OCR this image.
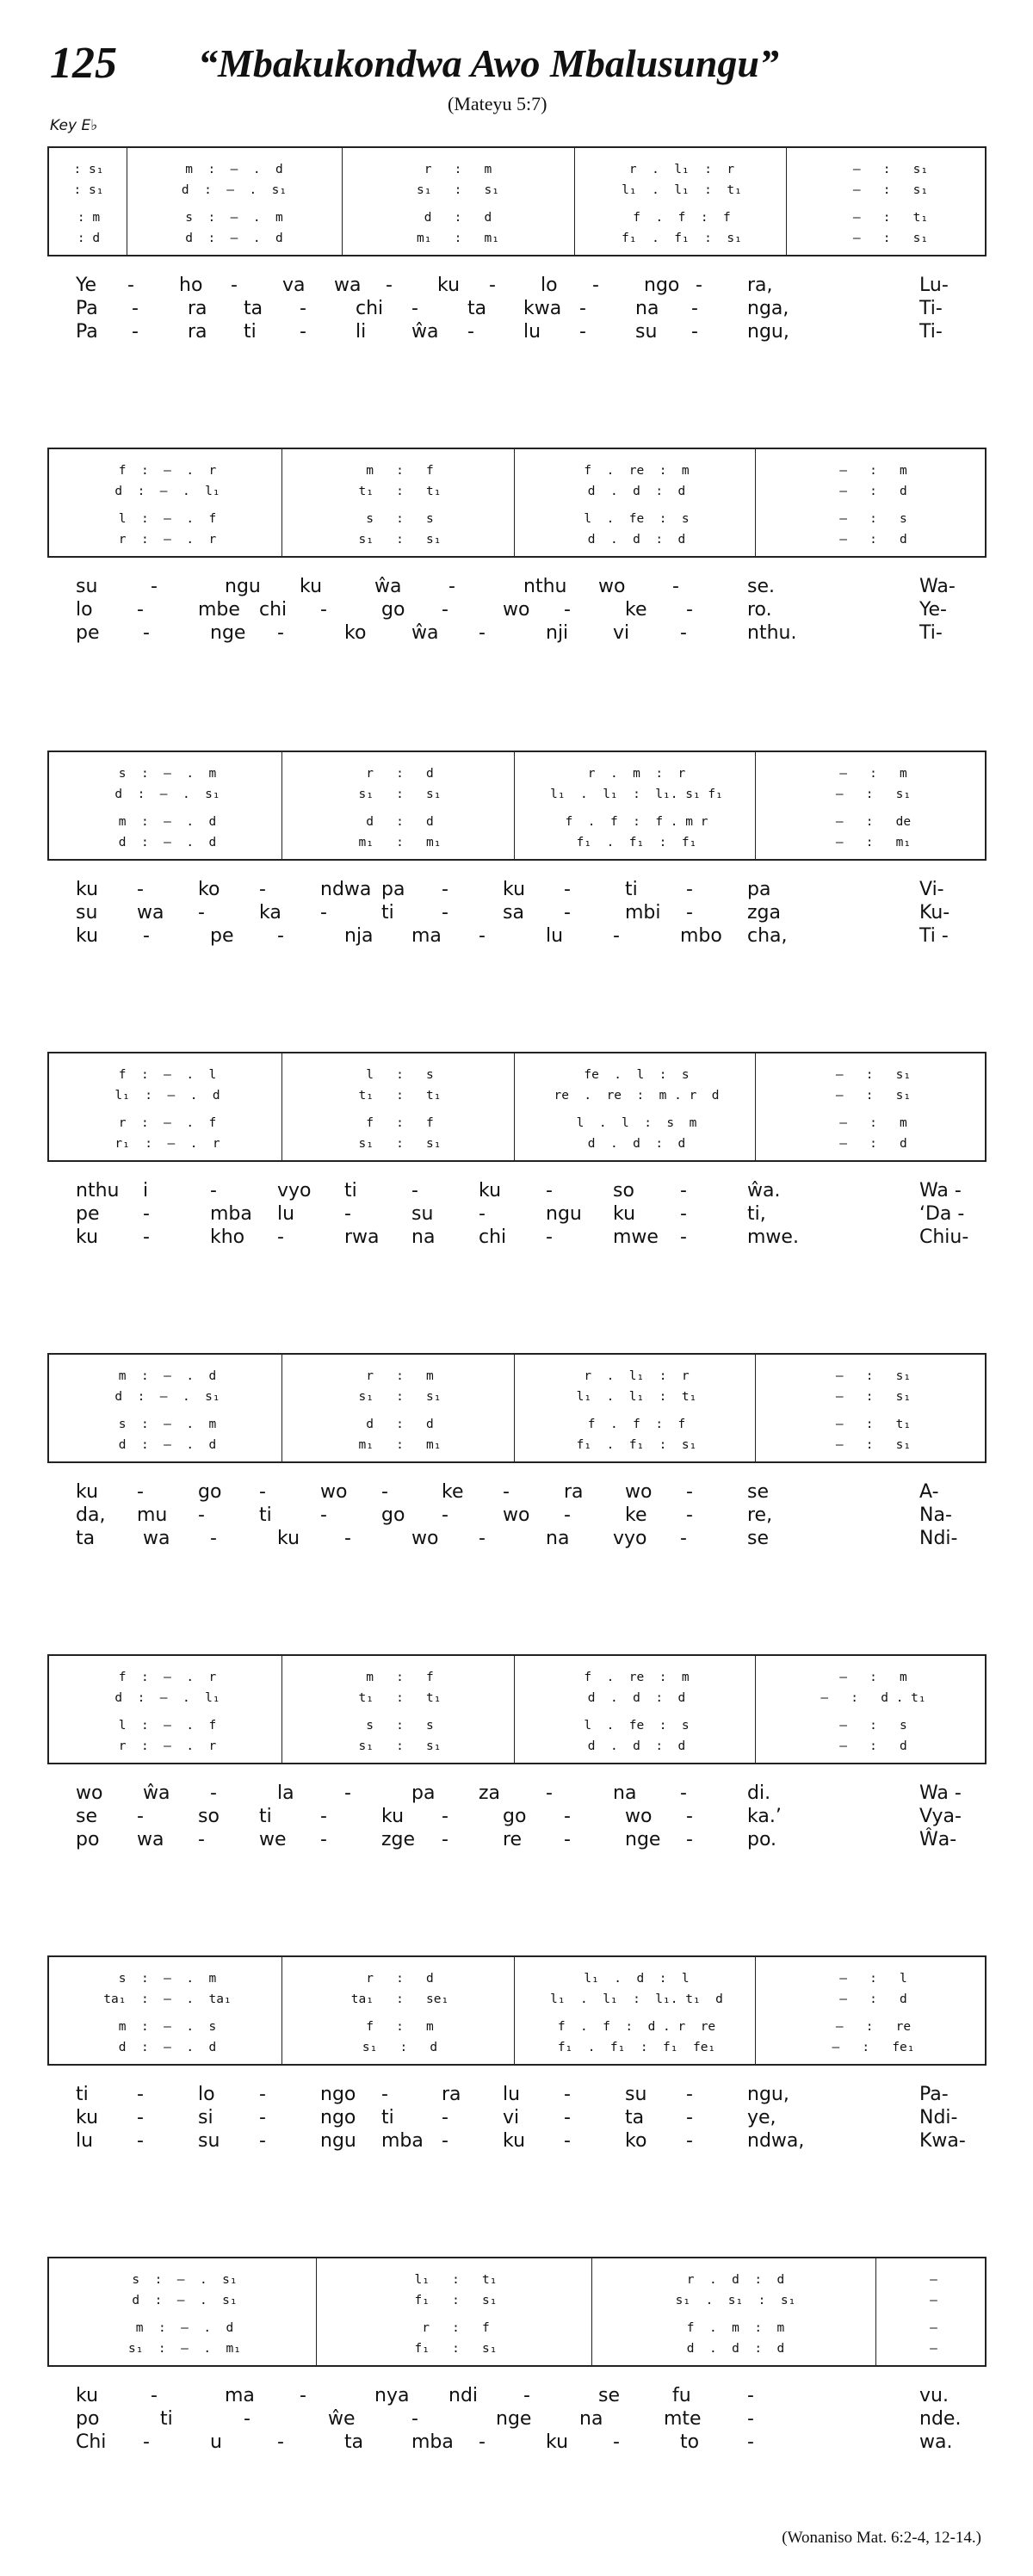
125 “Mbakukondwa Awo Mbalusungu”
(Mateyu 5:7)
Key E♭
: s₁	m  :  –  .  d	r   :   m	r  .  l₁  :  r	—   :   s₁
: s₁	d  :  –  .  s₁	s₁   :   s₁	l₁  .  l₁  :  t₁	—   :   s₁
: m	s  :  –  .  m	d   :   d	f  .  f  :  f	—   :   t₁
: d	d  :  –  .  d	m₁   :   m₁	f₁  .  f₁  :  s₁	—   :   s₁
Ye - ho - va wa - ku - lo - ngo - ra,	Lu-
Pa -	ra ta -	chi -	ta kwa -	na -	nga,	Ti-
Pa -	ra ti -	li ŵa -	lu -	su -	ngu,	Ti-
f  :  –  .  r	m   :   f	f  .  re  :  m	—   :   m
d  :  –  .  l₁	t₁   :   t₁	d  .  d  :  d	—   :   d
l  :  –  .  f	s   :   s	l  .  fe  :  s	—   :   s
r  :  –  .  r	s₁   :   s₁	d  .  d  :  d	—   :   d
su	-	ngu ku	ŵa -	nthu wo -	se.	Wa-
lo -	mbe chi -	go -	wo -	ke -	ro.	Ye-
pe -	nge -	ko ŵa -	nji vi	-	nthu.	Ti-
s  :  –  .  m	r   :   d	r  .  m  :  r	—   :   m
d  :  –  .  s₁	s₁   :   s₁	l₁  .  l₁  :  l₁. s₁ f₁	—   :   s₁
m  :  –  .  d	d   :   d	f  .  f  :  f . m r	—   :   de
d  :  –  .  d	m₁   :   m₁	f₁  .  f₁  :  f₁	—   :   m₁
ku -	ko -	ndwa pa -	ku -	ti	-	pa	Vi-
su wa -	ka -	ti	-	sa -	mbi -	zga	Ku-
ku -	pe -	nja ma -	lu	-	mbo cha,	Ti -
f  :  –  .  l	l   :   s	fe  .  l  :  s	—   :   s₁
l₁  :  –  .  d	t₁   :   t₁	re  .  re  :  m . r  d	—   :   s₁
r  :  –  .  f	f   :   f	l  .  l  :  s  m	—   :   m
r₁  :  –  .  r	s₁   :   s₁	d  .  d  :  d	—   :   d
nthu i	-	vyo ti	-	ku -	so -	ŵa.	Wa -
pe -	mba lu	-	su -	ngu ku -	ti,	‘Da -
ku -	kho -	rwa na chi -	mwe -	mwe.	Chiu-
m  :  –  .  d	r   :   m	r  .  l₁  :  r	—   :   s₁
d  :  –  .  s₁	s₁   :   s₁	l₁  .  l₁  :  t₁	—   :   s₁
s  :  –  .  m	d   :   d	f  .  f  :  f	—   :   t₁
d  :  –  .  d	m₁   :   m₁	f₁  .  f₁  :  s₁	—   :   s₁
ku -	go -	wo -	ke -	ra wo -	se	A-
da, mu -	ti	-	go -	wo -	ke -	re,	Na-
ta	wa -	ku -	wo -	na vyo -	se	Ndi-
f  :  –  .  r	m   :   f	f  .  re  :  m	—   :   m
d  :  –  .  l₁	t₁   :   t₁	d  .  d  :  d	—   :   d . t₁
l  :  –  .  f	s   :   s	l  .  fe  :  s	—   :   s
r  :  –  .  r	s₁   :   s₁	d  .  d  :  d	—   :   d
wo ŵa -	la	-	pa za -	na -	di.	Wa -
se -	so ti	-	ku -	go -	wo -	ka.’	Vya-
po wa -	we -	zge -	re -	nge -	po.	Ŵa-
s  :  –  .  m	r   :   d	l₁  .  d  :  l	—   :   l
ta₁  :  –  .  ta₁	ta₁   :   se₁	l₁  .  l₁  :  l₁. t₁  d	—   :   d
m  :  –  .  s	f   :   m	f  .  f  :  d . r  re	—   :   re
d  :  –  .  d	s₁   :   d	f₁  .  f₁  :  f₁  fe₁	—   :   fe₁
ti	-	lo -	ngo -	ra lu -	su -	ngu,	Pa-
ku -	si -	ngo ti	-	vi -	ta -	ye,	Ndi-
lu -	su -	ngu mba -	ku -	ko -	ndwa,	Kwa-
s  :  –  .  s₁	l₁   :   t₁	r  .  d  :  d	—
d  :  –  .  s₁	f₁   :   s₁	s₁  .  s₁  :  s₁	—
m  :  –  .  d	r   :   f	f  .  m  :  m	—
s₁  :  –  .  m₁	f₁   :   s₁	d  .  d  :  d	—
ku	-	ma -	nya ndi -	se	fu	-	vu.
po	ti	-	ŵe	-	nge	na	mte -	nde.
Chi -	u	-	ta	mba -	ku -	to	-	wa.
(Wonaniso Mat. 6:2-4, 12-14.)
